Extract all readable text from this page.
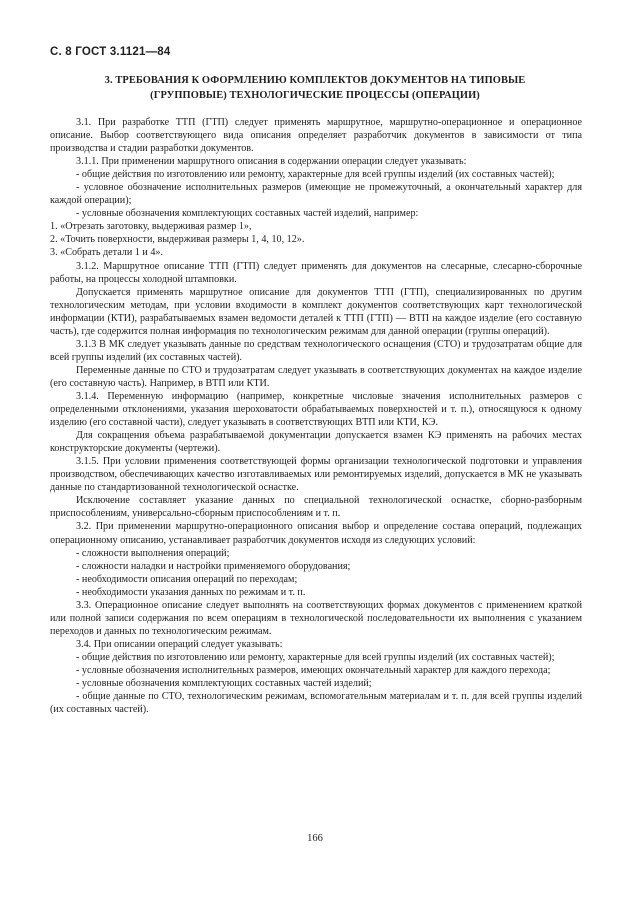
С. 8 ГОСТ 3.1121—84
3. ТРЕБОВАНИЯ К ОФОРМЛЕНИЮ КОМПЛЕКТОВ ДОКУМЕНТОВ НА ТИПОВЫЕ
(ГРУППОВЫЕ) ТЕХНОЛОГИЧЕСКИЕ ПРОЦЕССЫ (ОПЕРАЦИИ)

3.1. При разработке ТТП (ГТП) следует применять маршрутное, маршрутно-операционное и операционное описание. Выбор соответствующего вида описания определяет разработчик документов в зависимости от типа производства и стадии разработки документов.

3.1.1. При применении маршрутного описания в содержании операции следует указывать:

- общие действия по изготовлению или ремонту, характерные для всей группы изделий (их составных частей);

- условное обозначение исполнительных размеров (имеющие не промежуточный, а окончательный характер для каждой операции);

- условные обозначения комплектующих составных частей изделий, например:

1. «Отрезать заготовку, выдерживая размер 1»,

2. «Точить поверхности, выдерживая размеры 1, 4, 10, 12».

3. «Собрать детали 1 и 4».

3.1.2. Маршрутное описание ТТП (ГТП) следует применять для документов на слесарные, слесарно-сборочные работы, на процессы холодной штамповки.

Допускается применять маршрутное описание для документов ТТП (ГТП), специализированных по другим технологическим методам, при условии входимости в комплект документов соответствующих карт технологической информации (КТИ), разрабатываемых взамен ведомости деталей к ТТП (ГТП) — ВТП на каждое изделие (его составную часть), где содержится полная информация по технологическим режимам для данной операции (группы операций).

3.1.3 В МК следует указывать данные по средствам технологического оснащения (СТО) и трудозатратам общие для всей группы изделий (их составных частей).

Переменные данные по СТО и трудозатратам следует указывать в соответствующих документах на каждое изделие (его составную часть). Например, в ВТП или КТИ.

3.1.4. Переменную информацию (например, конкретные числовые значения исполнительных размеров с определенными отклонениями, указания шероховатости обрабатываемых поверхностей и т. п.), относящуюся к одному изделию (его составной части), следует указывать в соответствующих ВТП или КТИ, КЭ.

Для сокращения объема разрабатываемой документации допускается взамен КЭ применять на рабочих местах конструкторские документы (чертежи).

3.1.5. При условии применения соответствующей формы организации технологической подготовки и управления производством, обеспечивающих качество изготавливаемых или ремонтируемых изделий, допускается в МК не указывать данные по стандартизованной технологической оснастке.

Исключение составляет указание данных по специальной технологической оснастке, сборно-разборным приспособлениям, универсально-сборным приспособлениям и т. п.

3.2. При применении маршрутно-операционного описания выбор и определение состава операций, подлежащих операционному описанию, устанавливает разработчик документов исходя из следующих условий:

- сложности выполнения операций;

- сложности наладки и настройки применяемого оборудования;

- необходимости описания операций по переходам;

- необходимости указания данных по режимам и т. п.

3.3. Операционное описание следует выполнять на соответствующих формах документов с применением краткой или полной записи содержания по всем операциям в технологической последовательности их выполнения с указанием переходов и данных по технологическим режимам.

3.4. При описании операций следует указывать:

- общие действия по изготовлению или ремонту, характерные для всей группы изделий (их составных частей);

- условные обозначения исполнительных размеров, имеющих окончательный характер для каждого перехода;

- условные обозначения комплектующих составных частей изделий;

- общие данные по СТО, технологическим режимам, вспомогательным материалам и т. п. для всей группы изделий (их составных частей).

166
